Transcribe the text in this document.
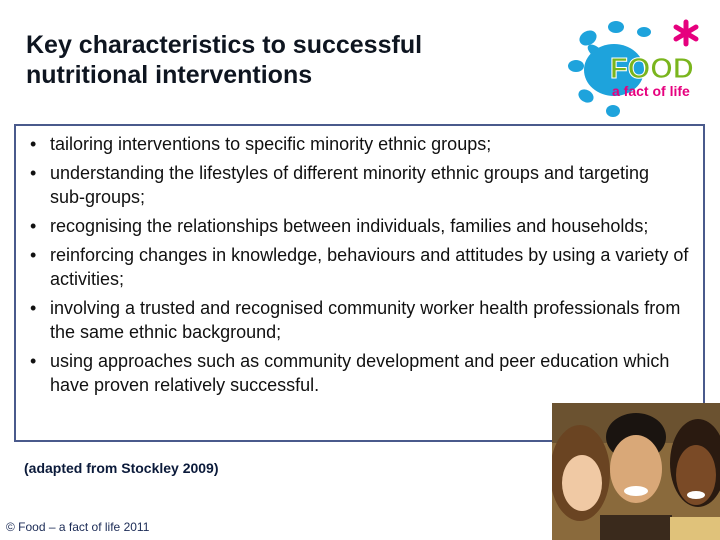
Key characteristics to successful
nutritional interventions	FOOD
a fact of life
• tailoring interventions to specific minority ethnic groups;
• understanding the lifestyles of different minority ethnic groups and targeting sub-groups;
• recognising the relationships between individuals, families and households;
• reinforcing changes in knowledge, behaviours and attitudes by using a variety of activities;
• involving a trusted and recognised community worker health professionals from the same ethnic background;
• using approaches such as community development and peer education which have proven relatively successful.
(adapted from Stockley 2009)
© Food – a fact of life 2011
